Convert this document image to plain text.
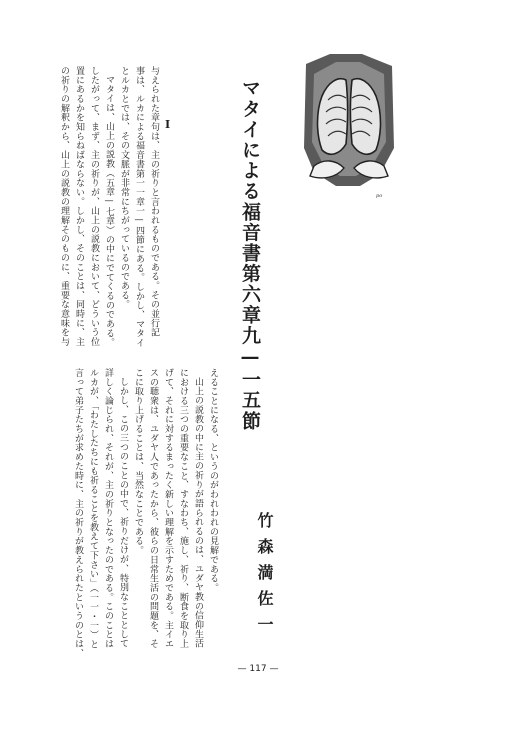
— 117 —
マタイによる福音書第六章九—一五節
I
竹森満佐一
ро
与えられた章句は、主の祈りと言われるものである。その並行記
事は、ルカによる福音書第一一章一—四節にある。しかし、マタイ
とルカとでは、その文脈が非常にちがっているのである。
マタイは、山上の説教（五章—七章）の中にでてくるのである。
したがって、まず、主の祈りが、山上の説教において、どういう位
置にあるかを知らねばならない。しかし、そのことは、同時に、主
の祈りの解釈から、山上の説教の理解そのものに、重要な意味を与
えることになる、というのがわれわれの見解である。
山上の説教の中に主の祈りが語られるのは、ユダヤ教の信仰生活
における三つの重要なこと、すなわち、施し、祈り、断食を取り上
げて、それに対するまったく新しい理解を示すためである。主イエ
スの聴衆は、ユダヤ人であったから、彼らの日常生活の問題を、そ
こに取り上げることは、当然なことである。
しかし、この三つのことの中で、祈りだけが、特別なこととして
詳しく論じられ、それが、主の祈りとなったのである。このことは
ルカが、「わたしたちにも祈ることを教えて下さい」（一一・一）と
言って弟子たちが求めた時に、主の祈りが教えられたというのとは、
